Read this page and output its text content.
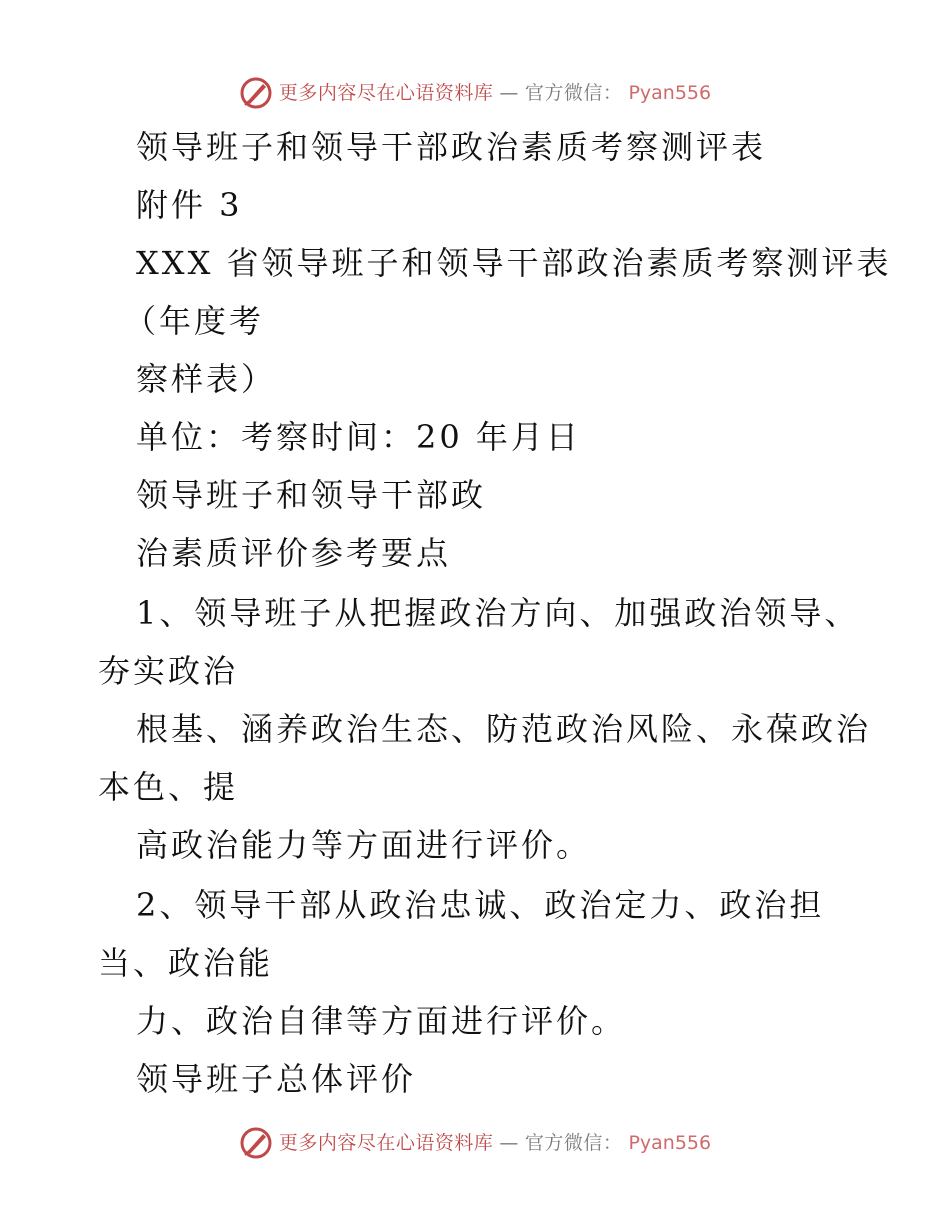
更多内容尽在心语资料库 — 官方微信： Pyan556
领导班子和领导干部政治素质考察测评表
附件 3
XXX 省领导班子和领导干部政治素质考察测评表
（年度考
察样表）
单位：考察时间：20 年月日
领导班子和领导干部政
治素质评价参考要点
1、领导班子从把握政治方向、加强政治领导、
夯实政治
根基、涵养政治生态、防范政治风险、永葆政治
本色、提
高政治能力等方面进行评价。
2、领导干部从政治忠诚、政治定力、政治担
当、政治能
力、政治自律等方面进行评价。
领导班子总体评价
更多内容尽在心语资料库 — 官方微信： Pyan556
